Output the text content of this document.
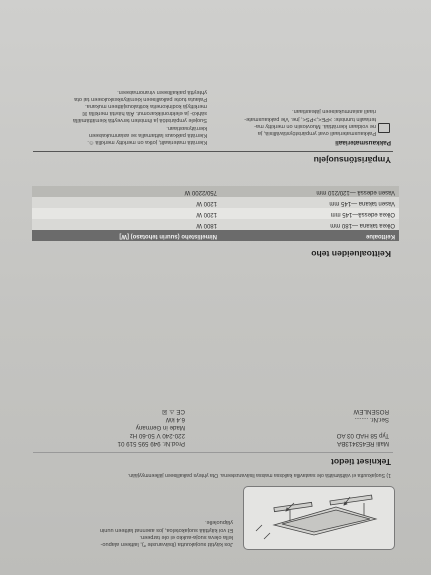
Jos käytät suojakuutta (lisävaruste *), laitteen alapuo-
lella oleva suoja-aukko ei ole tarpeen.
Et voi käyttää suojakoteloa, jos asennat laitteen uunin
yläpuolelle.
1) Suojakuutta ei välttämättä ole saatavilla kaikissa maissa lisävarusteena. Ota yhteys paikalliseen jälleenmyyjään.
Tekniset tiedot
Malli RE453413BA
Typ 58 HAD 03 AO

Ser.Nr. ........
ROSENLEW
Prod.Nr. 949 595 519 01
220-240 V 50-60 Hz
Made in Germany
6.4 kW
CE ⚠ ☒
Keittoalueiden teho
Keittoalue
Nimellisteho (suurin tehotaso) [W]
Oikea takana —180 mm
1800 W
Oikea edessä—145 mm
1200 W
Vasen takana —145 mm
1200 W
Vasen edessä —120/210 mm
750/2200 W
Ympäristönsuojelu
Pakkausmateriaali
Pakkausmateriaali ovat ympäristöystävällisiä, ja
ne voidaan kierrättää. Muoviosiin on merkitty ma-
teriaalin tunniste: >PE<,>PS<, jne. Vie pakkausmate-
riaali asianmukaiseen jäteastiaan.
Kierrätä materiaalit, jotka on merkitty merkillä ♲.
Kierrätä pakkaus laittamalla se asianmukaiseen
kierrätysastiaan.
Suojele ympäristöä ja ihmisten terveyttä kierrättämällä
sähkö- ja elektroniikkaromut. Älä hävitä merkillä ☒
merkittyjä kodinkoneita kotitalousjätteen mukana.
Palauta tuote paikalliseen kierrätyskeskukseen tai ota
yhteyttä paikalliseen viranomaiseen.
